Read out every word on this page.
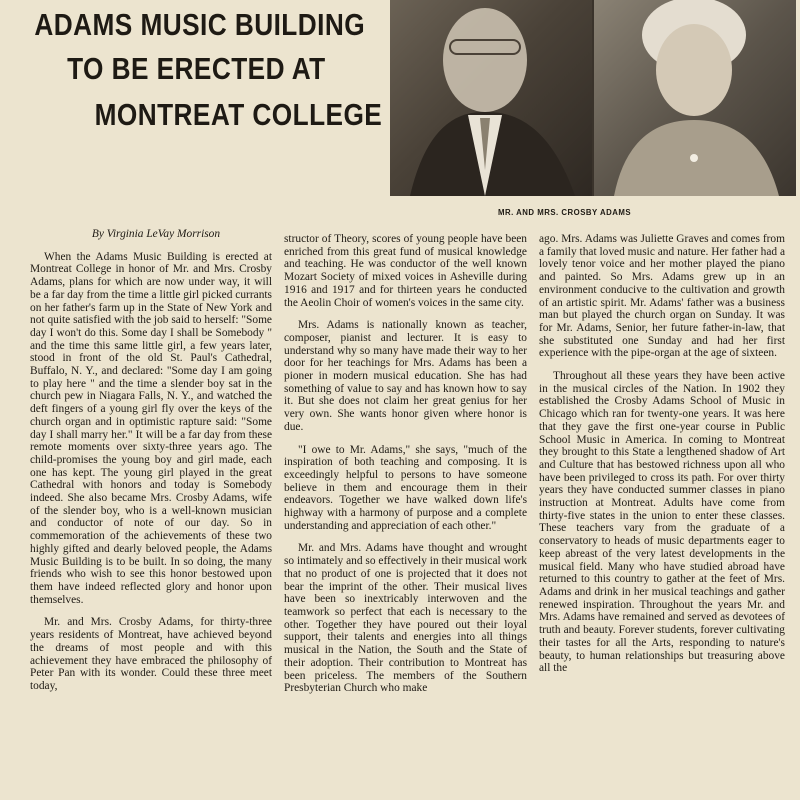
ADAMS MUSIC BUILDING
TO BE ERECTED AT
MONTREAT COLLEGE
MR. AND MRS. CROSBY ADAMS

By Virginia LeVay Morrison

When the Adams Music Building is erected at Montreat College in honor of Mr. and Mrs. Crosby Adams, plans for which are now under way, it will be a far day from the time a little girl picked currants on her father's farm up in the State of New York and not quite satisfied with the job said to herself: "Some day I won't do this. Some day I shall be Somebody " and the time this same little girl, a few years later, stood in front of the old St. Paul's Cathedral, Buffalo, N. Y., and declared: "Some day I am going to play here " and the time a slender boy sat in the church pew in Niagara Falls, N. Y., and watched the deft fingers of a young girl fly over the keys of the church organ and in optimistic rapture said: "Some day I shall marry her." It will be a far day from these remote moments over sixty-three years ago. The child-promises the young boy and girl made, each one has kept. The young girl played in the great Cathedral with honors and today is Somebody indeed. She also became Mrs. Crosby Adams, wife of the slender boy, who is a well-known musician and conductor of note of our day. So in commemoration of the achievements of these two highly gifted and dearly beloved people, the Adams Music Building is to be built. In so doing, the many friends who wish to see this honor bestowed upon them have indeed reflected glory and honor upon themselves.

Mr. and Mrs. Crosby Adams, for thirty-three years residents of Montreat, have achieved beyond the dreams of most people and with this achievement they have embraced the philosophy of Peter Pan with its wonder. Could these three meet today,

structor of Theory, scores of young people have been enriched from this great fund of musical knowledge and teaching. He was conductor of the well known Mozart Society of mixed voices in Asheville during 1916 and 1917 and for thirteen years he conducted the Aeolin Choir of women's voices in the same city.

Mrs. Adams is nationally known as teacher, composer, pianist and lecturer. It is easy to understand why so many have made their way to her door for her teachings for Mrs. Adams has been a pioner in modern musical education. She has had something of value to say and has known how to say it. But she does not claim her great genius for her very own. She wants honor given where honor is due.

"I owe to Mr. Adams," she says, "much of the inspiration of both teaching and composing. It is exceedingly helpful to persons to have someone believe in them and encourage them in their endeavors. Together we have walked down life's highway with a harmony of purpose and a complete understanding and appreciation of each other."

Mr. and Mrs. Adams have thought and wrought so intimately and so effectively in their musical work that no product of one is projected that it does not bear the imprint of the other. Their musical lives have been so inextricably interwoven and the teamwork so perfect that each is necessary to the other. Together they have poured out their loyal support, their talents and energies into all things musical in the Nation, the South and the State of their adoption. Their contribution to Montreat has been priceless. The members of the Southern Presbyterian Church who make

ago. Mrs. Adams was Juliette Graves and comes from a family that loved music and nature. Her father had a lovely tenor voice and her mother played the piano and painted. So Mrs. Adams grew up in an environment conducive to the cultivation and growth of an artistic spirit. Mr. Adams' father was a business man but played the church organ on Sunday. It was for Mr. Adams, Senior, her future father-in-law, that she substituted one Sunday and had her first experience with the pipe-organ at the age of sixteen.

Throughout all these years they have been active in the musical circles of the Nation. In 1902 they established the Crosby Adams School of Music in Chicago which ran for twenty-one years. It was here that they gave the first one-year course in Public School Music in America. In coming to Montreat they brought to this State a lengthened shadow of Art and Culture that has bestowed richness upon all who have been privileged to cross its path. For over thirty years they have conducted summer classes in piano instruction at Montreat. Adults have come from thirty-five states in the union to enter these classes. These teachers vary from the graduate of a conservatory to heads of music departments eager to keep abreast of the very latest developments in the musical field. Many who have studied abroad have returned to this country to gather at the feet of Mrs. Adams and drink in her musical teachings and gather renewed inspiration. Throughout the years Mr. and Mrs. Adams have remained and served as devotees of truth and beauty. Forever students, forever cultivating their tastes for all the Arts, responding to nature's beauty, to human relationships but treasuring above all the
